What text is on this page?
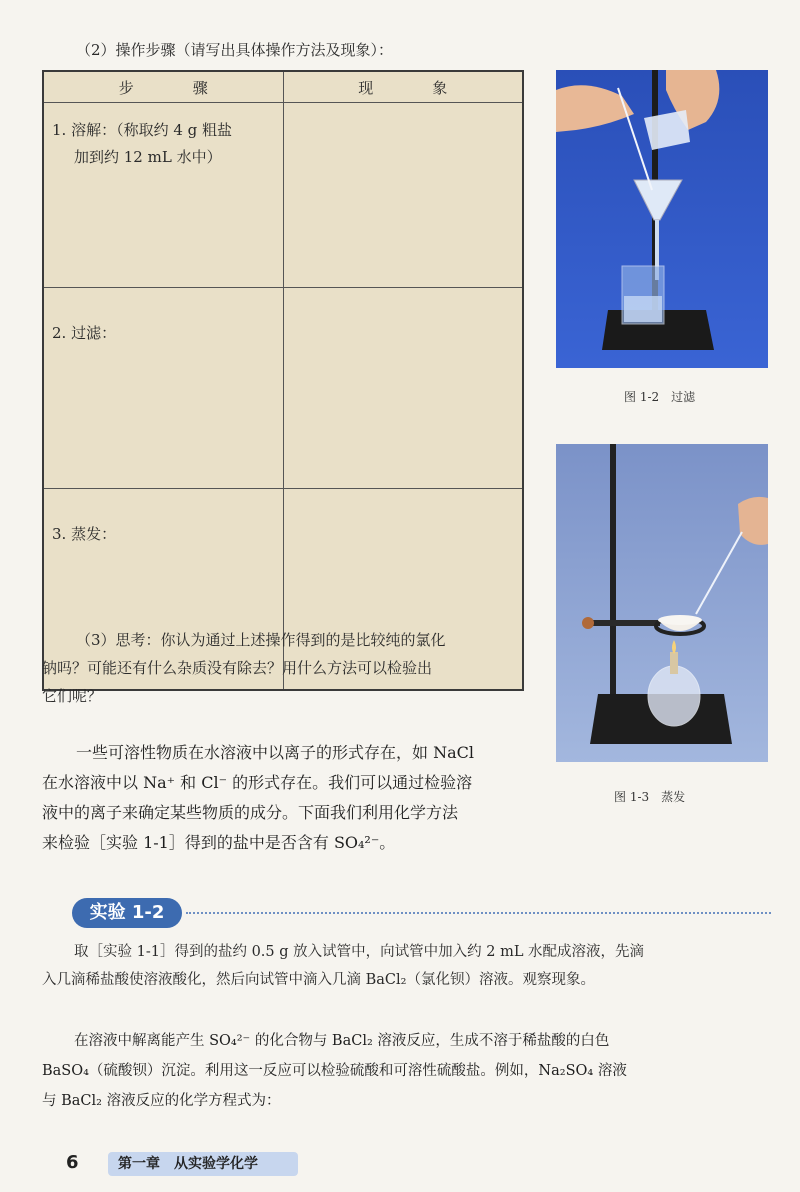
（2）操作步骤（请写出具体操作方法及现象）：
步　骤	现　象

1. 溶解：（称取约 4 g 粗盐
加到约 12 mL 水中）	

2. 过滤：	

3. 蒸发：	

图 1-2　过滤
图 1-3　蒸发
（3）思考：你认为通过上述操作得到的是比较纯的氯化
钠吗？可能还有什么杂质没有除去？用什么方法可以检验出
它们呢？
一些可溶性物质在水溶液中以离子的形式存在，如 NaCl
在水溶液中以 Na⁺ 和 Cl⁻ 的形式存在。我们可以通过检验溶
液中的离子来确定某些物质的成分。下面我们利用化学方法
来检验［实验 1-1］得到的盐中是否含有 SO₄²⁻。
实验 1-2
取［实验 1-1］得到的盐约 0.5 g 放入试管中，向试管中加入约 2 mL 水配成溶液，先滴
入几滴稀盐酸使溶液酸化，然后向试管中滴入几滴 BaCl₂（氯化钡）溶液。观察现象。
在溶液中解离能产生 SO₄²⁻ 的化合物与 BaCl₂ 溶液反应，生成不溶于稀盐酸的白色
BaSO₄（硫酸钡）沉淀。利用这一反应可以检验硫酸和可溶性硫酸盐。例如，Na₂SO₄ 溶液
与 BaCl₂ 溶液反应的化学方程式为：
6	第一章　从实验学化学
